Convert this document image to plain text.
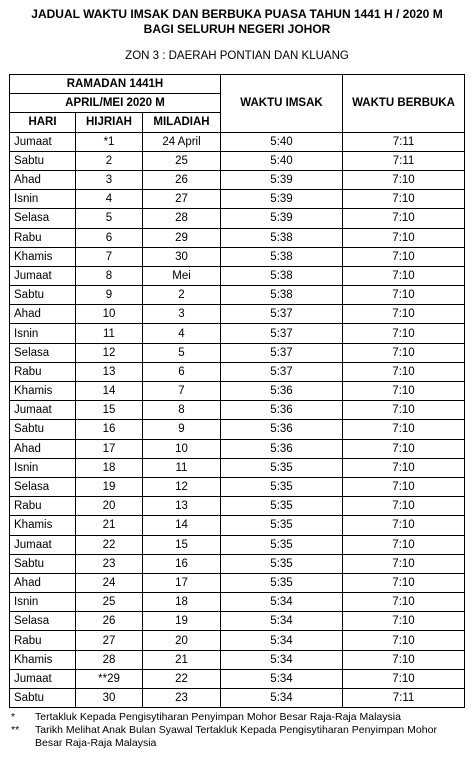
JADUAL WAKTU IMSAK DAN BERBUKA PUASA TAHUN 1441 H / 2020 M
BAGI SELURUH NEGERI JOHOR
ZON 3 : DAERAH PONTIAN DAN KLUANG
RAMADAN 1441H			WAKTU IMSAK	WAKTU BERBUKA
APRIL/MEI 2020 M				
HARI	HIJRIAH	MILADIAH		
Jumaat	*1	24 April	5:40	7:11
Sabtu	2	25	5:40	7:11
Ahad	3	26	5:39	7:10
Isnin	4	27	5:39	7:10
Selasa	5	28	5:39	7:10
Rabu	6	29	5:38	7:10
Khamis	7	30	5:38	7:10
Jumaat	8	Mei	5:38	7:10
Sabtu	9	2	5:38	7:10
Ahad	10	3	5:37	7:10
Isnin	11	4	5:37	7:10
Selasa	12	5	5:37	7:10
Rabu	13	6	5:37	7:10
Khamis	14	7	5:36	7:10
Jumaat	15	8	5:36	7:10
Sabtu	16	9	5:36	7:10
Ahad	17	10	5:36	7:10
Isnin	18	11	5:35	7:10
Selasa	19	12	5:35	7:10
Rabu	20	13	5:35	7:10
Khamis	21	14	5:35	7:10
Jumaat	22	15	5:35	7:10
Sabtu	23	16	5:35	7:10
Ahad	24	17	5:35	7:10
Isnin	25	18	5:34	7:10
Selasa	26	19	5:34	7:10
Rabu	27	20	5:34	7:10
Khamis	28	21	5:34	7:10
Jumaat	**29	22	5:34	7:10
Sabtu	30	23	5:34	7:11
*	Tertakluk Kepada Pengisytiharan Penyimpan Mohor Besar Raja-Raja Malaysia
**	Tarikh Melihat Anak Bulan Syawal Tertakluk Kepada Pengisytiharan Penyimpan Mohor Besar Raja-Raja Malaysia
